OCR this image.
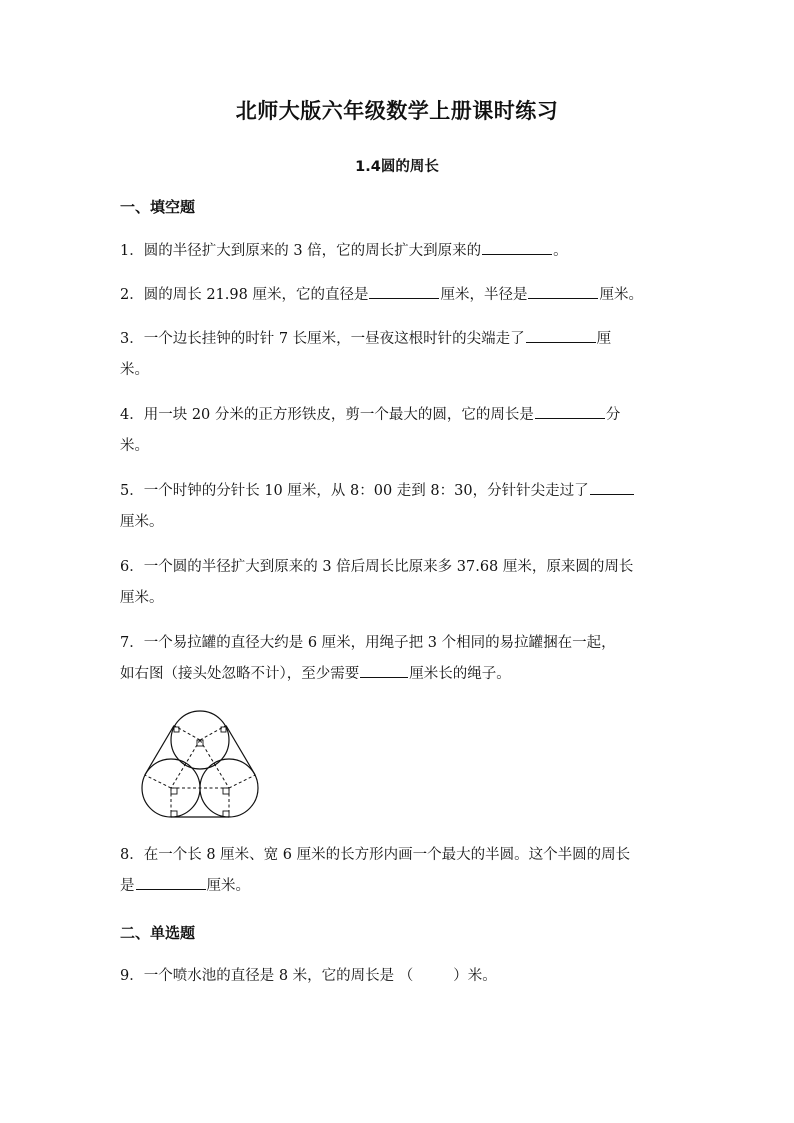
北师大版六年级数学上册课时练习
1.4圆的周长
一、填空题
1．圆的半径扩大到原来的 3 倍，它的周长扩大到原来的	。
2．圆的周长 21.98 厘米，它的直径是	厘米，半径是	厘米。
3．一个边长挂钟的时针 7 长厘米，一昼夜这根时针的尖端走了	厘
米。
4．用一块 20 分米的正方形铁皮，剪一个最大的圆，它的周长是	分
米。
5．一个时钟的分针长 10 厘米，从 8：00 走到 8：30，分针针尖走过了
厘米。
6．一个圆的半径扩大到原来的 3 倍后周长比原来多 37.68 厘米，原来圆的周长
厘米。
7．一个易拉罐的直径大约是 6 厘米，用绳子把 3 个相同的易拉罐捆在一起，
如右图（接头处忽略不计），至少需要	厘米长的绳子。
8．在一个长 8 厘米、宽 6 厘米的长方形内画一个最大的半圆。这个半圆的周长
是	厘米。
二、单选题
9．一个喷水池的直径是 8 米，它的周长是 （	）米。
